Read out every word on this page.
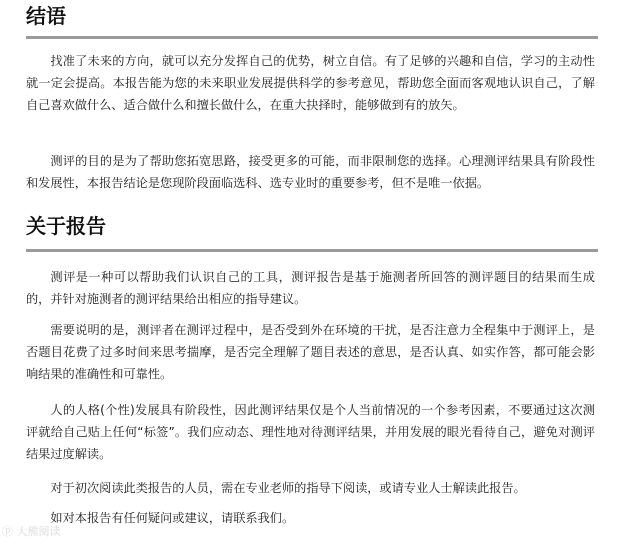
结语

找准了未来的方向，就可以充分发挥自己的优势，树立自信。有了足够的兴趣和自信，学习的主动性就一定会提高。本报告能为您的未来职业发展提供科学的参考意见，帮助您全面而客观地认识自己，了解自己喜欢做什么、适合做什么和擅长做什么，在重大抉择时，能够做到有的放矢。

测评的目的是为了帮助您拓宽思路，接受更多的可能，而非限制您的选择。心理测评结果具有阶段性和发展性，本报告结论是您现阶段面临选科、选专业时的重要参考，但不是唯一依据。

关于报告

测评是一种可以帮助我们认识自己的工具，测评报告是基于施测者所回答的测评题目的结果而生成的，并针对施测者的测评结果给出相应的指导建议。

需要说明的是，测评者在测评过程中，是否受到外在环境的干扰，是否注意力全程集中于测评上，是否题目花费了过多时间来思考揣摩，是否完全理解了题目表述的意思，是否认真、如实作答，都可能会影响结果的准确性和可靠性。

人的人格(个性)发展具有阶段性，因此测评结果仅是个人当前情况的一个参考因素，不要通过这次测评就给自己贴上任何“标签”。我们应动态、理性地对待测评结果，并用发展的眼光看待自己，避免对测评结果过度解读。

对于初次阅读此类报告的人员，需在专业老师的指导下阅读，或请专业人士解读此报告。

如对本报告有任何疑问或建议，请联系我们。

ⓟ 大熊阅读
